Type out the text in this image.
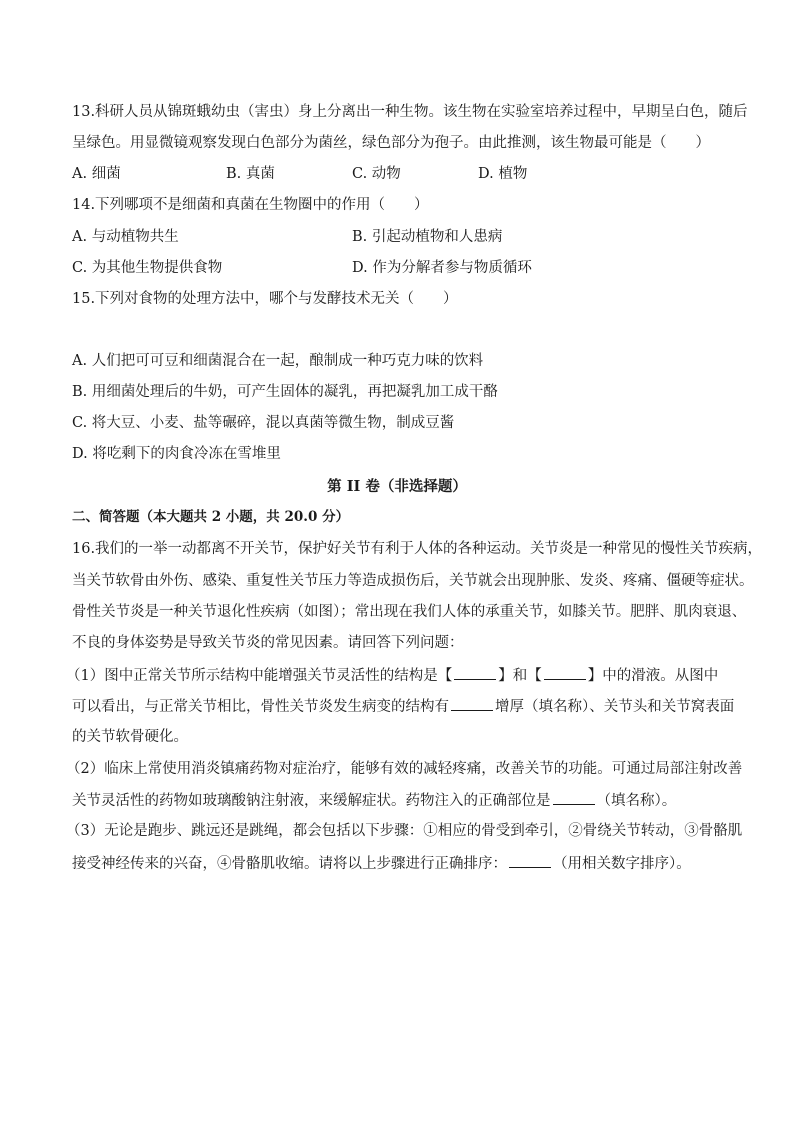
13.科研人员从锦斑蛾幼虫（害虫）身上分离出一种生物。该生物在实验室培养过程中，早期呈白色，随后
呈绿色。用显微镜观察发现白色部分为菌丝，绿色部分为孢子。由此推测，该生物最可能是（　　）
A. 细菌	B. 真菌	C. 动物	D. 植物
14.下列哪项不是细菌和真菌在生物圈中的作用（　　）
A. 与动植物共生	B. 引起动植物和人患病
C. 为其他生物提供食物	D. 作为分解者参与物质循环
15.下列对食物的处理方法中，哪个与发酵技术无关（　　）
A. 人们把可可豆和细菌混合在一起，酿制成一种巧克力味的饮料
B. 用细菌处理后的牛奶，可产生固体的凝乳，再把凝乳加工成干酪
C. 将大豆、小麦、盐等碾碎，混以真菌等微生物，制成豆酱
D. 将吃剩下的肉食冷冻在雪堆里
第 II 卷（非选择题）
二、简答题（本大题共 2 小题，共 20.0 分）
16.我们的一举一动都离不开关节，保护好关节有利于人体的各种运动。关节炎是一种常见的慢性关节疾病，
当关节软骨由外伤、感染、重复性关节压力等造成损伤后，关节就会出现肿胀、发炎、疼痛、僵硬等症状。
骨性关节炎是一种关节退化性疾病（如图）；常出现在我们人体的承重关节，如膝关节。肥胖、肌肉衰退、
不良的身体姿势是导致关节炎的常见因素。请回答下列问题：
（1）图中正常关节所示结构中能增强关节灵活性的结构是【	】和【	】中的滑液。从图中
可以看出，与正常关节相比，骨性关节炎发生病变的结构有	增厚（填名称）、关节头和关节窝表面
的关节软骨硬化。
（2）临床上常使用消炎镇痛药物对症治疗，能够有效的减轻疼痛，改善关节的功能。可通过局部注射改善
关节灵活性的药物如玻璃酸钠注射液，来缓解症状。药物注入的正确部位是	（填名称）。
（3）无论是跑步、跳远还是跳绳，都会包括以下步骤：①相应的骨受到牵引，②骨绕关节转动，③骨骼肌
接受神经传来的兴奋，④骨骼肌收缩。请将以上步骤进行正确排序：	（用相关数字排序）。
